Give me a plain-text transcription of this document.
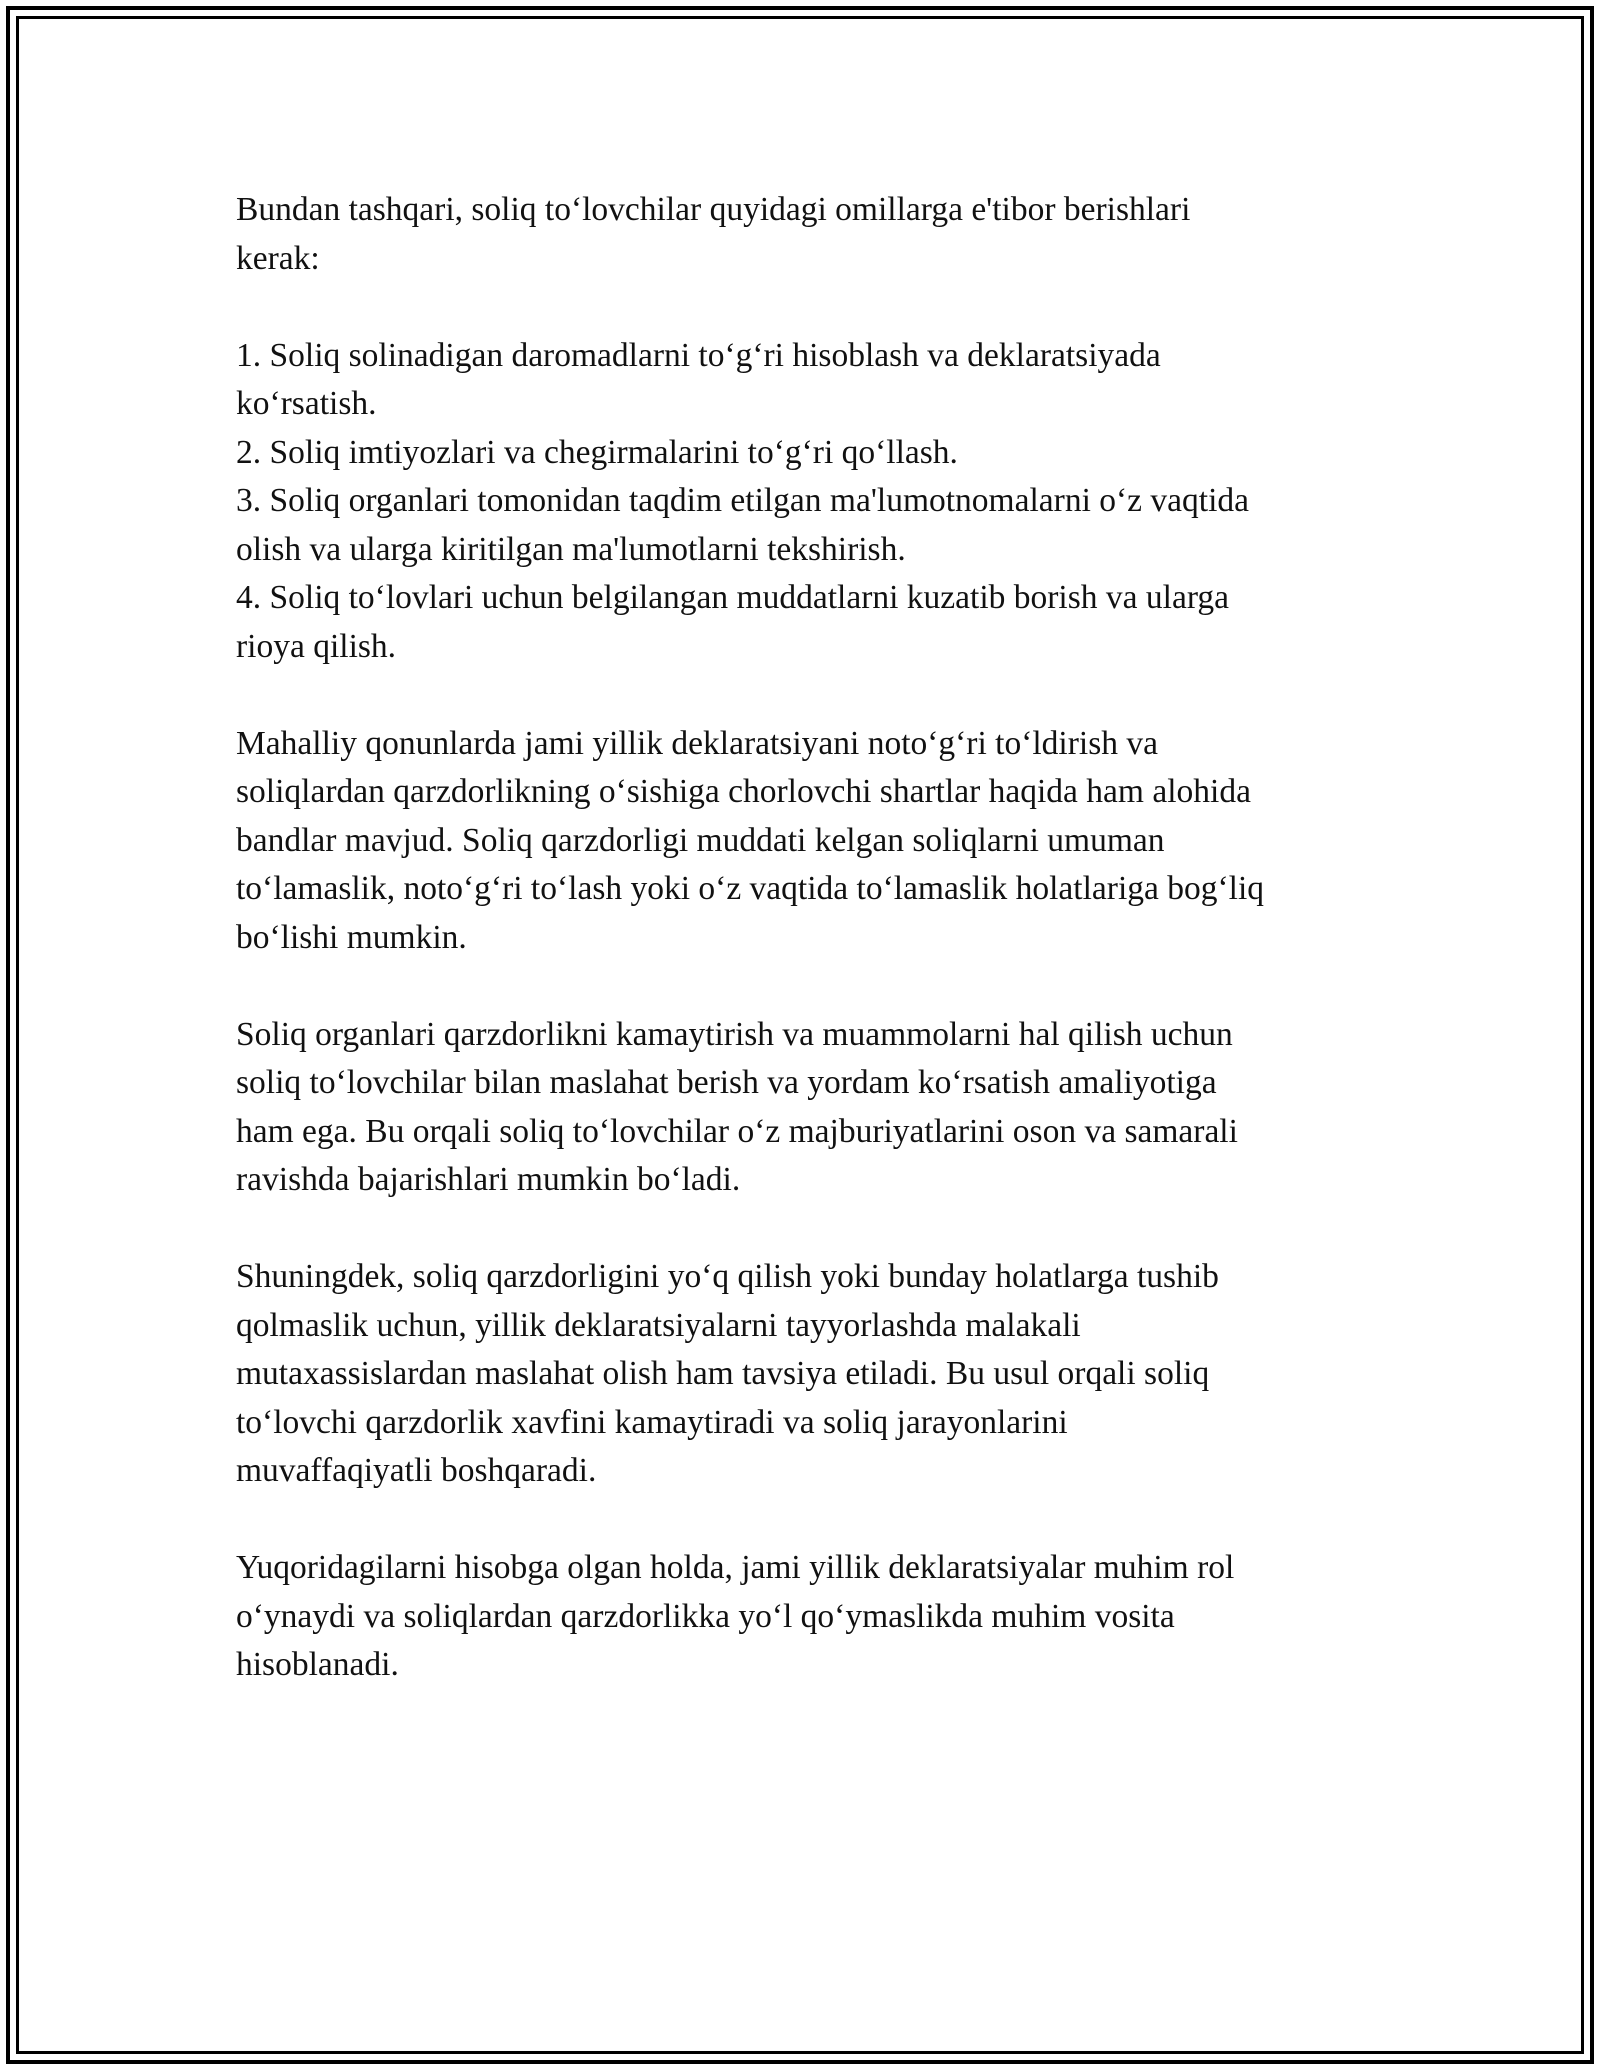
Bundan tashqari, soliq to‘lovchilar quyidagi omillarga e'tibor berishlari
kerak:

1. Soliq solinadigan daromadlarni to‘g‘ri hisoblash va deklaratsiyada
ko‘rsatish.

2. Soliq imtiyozlari va chegirmalarini to‘g‘ri qo‘llash.

3. Soliq organlari tomonidan taqdim etilgan ma'lumotnomalarni o‘z vaqtida
olish va ularga kiritilgan ma'lumotlarni tekshirish.

4. Soliq to‘lovlari uchun belgilangan muddatlarni kuzatib borish va ularga
rioya qilish.

Mahalliy qonunlarda jami yillik deklaratsiyani noto‘g‘ri to‘ldirish va
soliqlardan qarzdorlikning o‘sishiga chorlovchi shartlar haqida ham alohida
bandlar mavjud. Soliq qarzdorligi muddati kelgan soliqlarni umuman
to‘lamaslik, noto‘g‘ri to‘lash yoki o‘z vaqtida to‘lamaslik holatlariga bog‘liq
bo‘lishi mumkin.

Soliq organlari qarzdorlikni kamaytirish va muammolarni hal qilish uchun
soliq to‘lovchilar bilan maslahat berish va yordam ko‘rsatish amaliyotiga
ham ega. Bu orqali soliq to‘lovchilar o‘z majburiyatlarini oson va samarali
ravishda bajarishlari mumkin bo‘ladi.

Shuningdek, soliq qarzdorligini yo‘q qilish yoki bunday holatlarga tushib
qolmaslik uchun, yillik deklaratsiyalarni tayyorlashda malakali
mutaxassislardan maslahat olish ham tavsiya etiladi. Bu usul orqali soliq
to‘lovchi qarzdorlik xavfini kamaytiradi va soliq jarayonlarini
muvaffaqiyatli boshqaradi.

Yuqoridagilarni hisobga olgan holda, jami yillik deklaratsiyalar muhim rol
o‘ynaydi va soliqlardan qarzdorlikka yo‘l qo‘ymaslikda muhim vosita
hisoblanadi.
